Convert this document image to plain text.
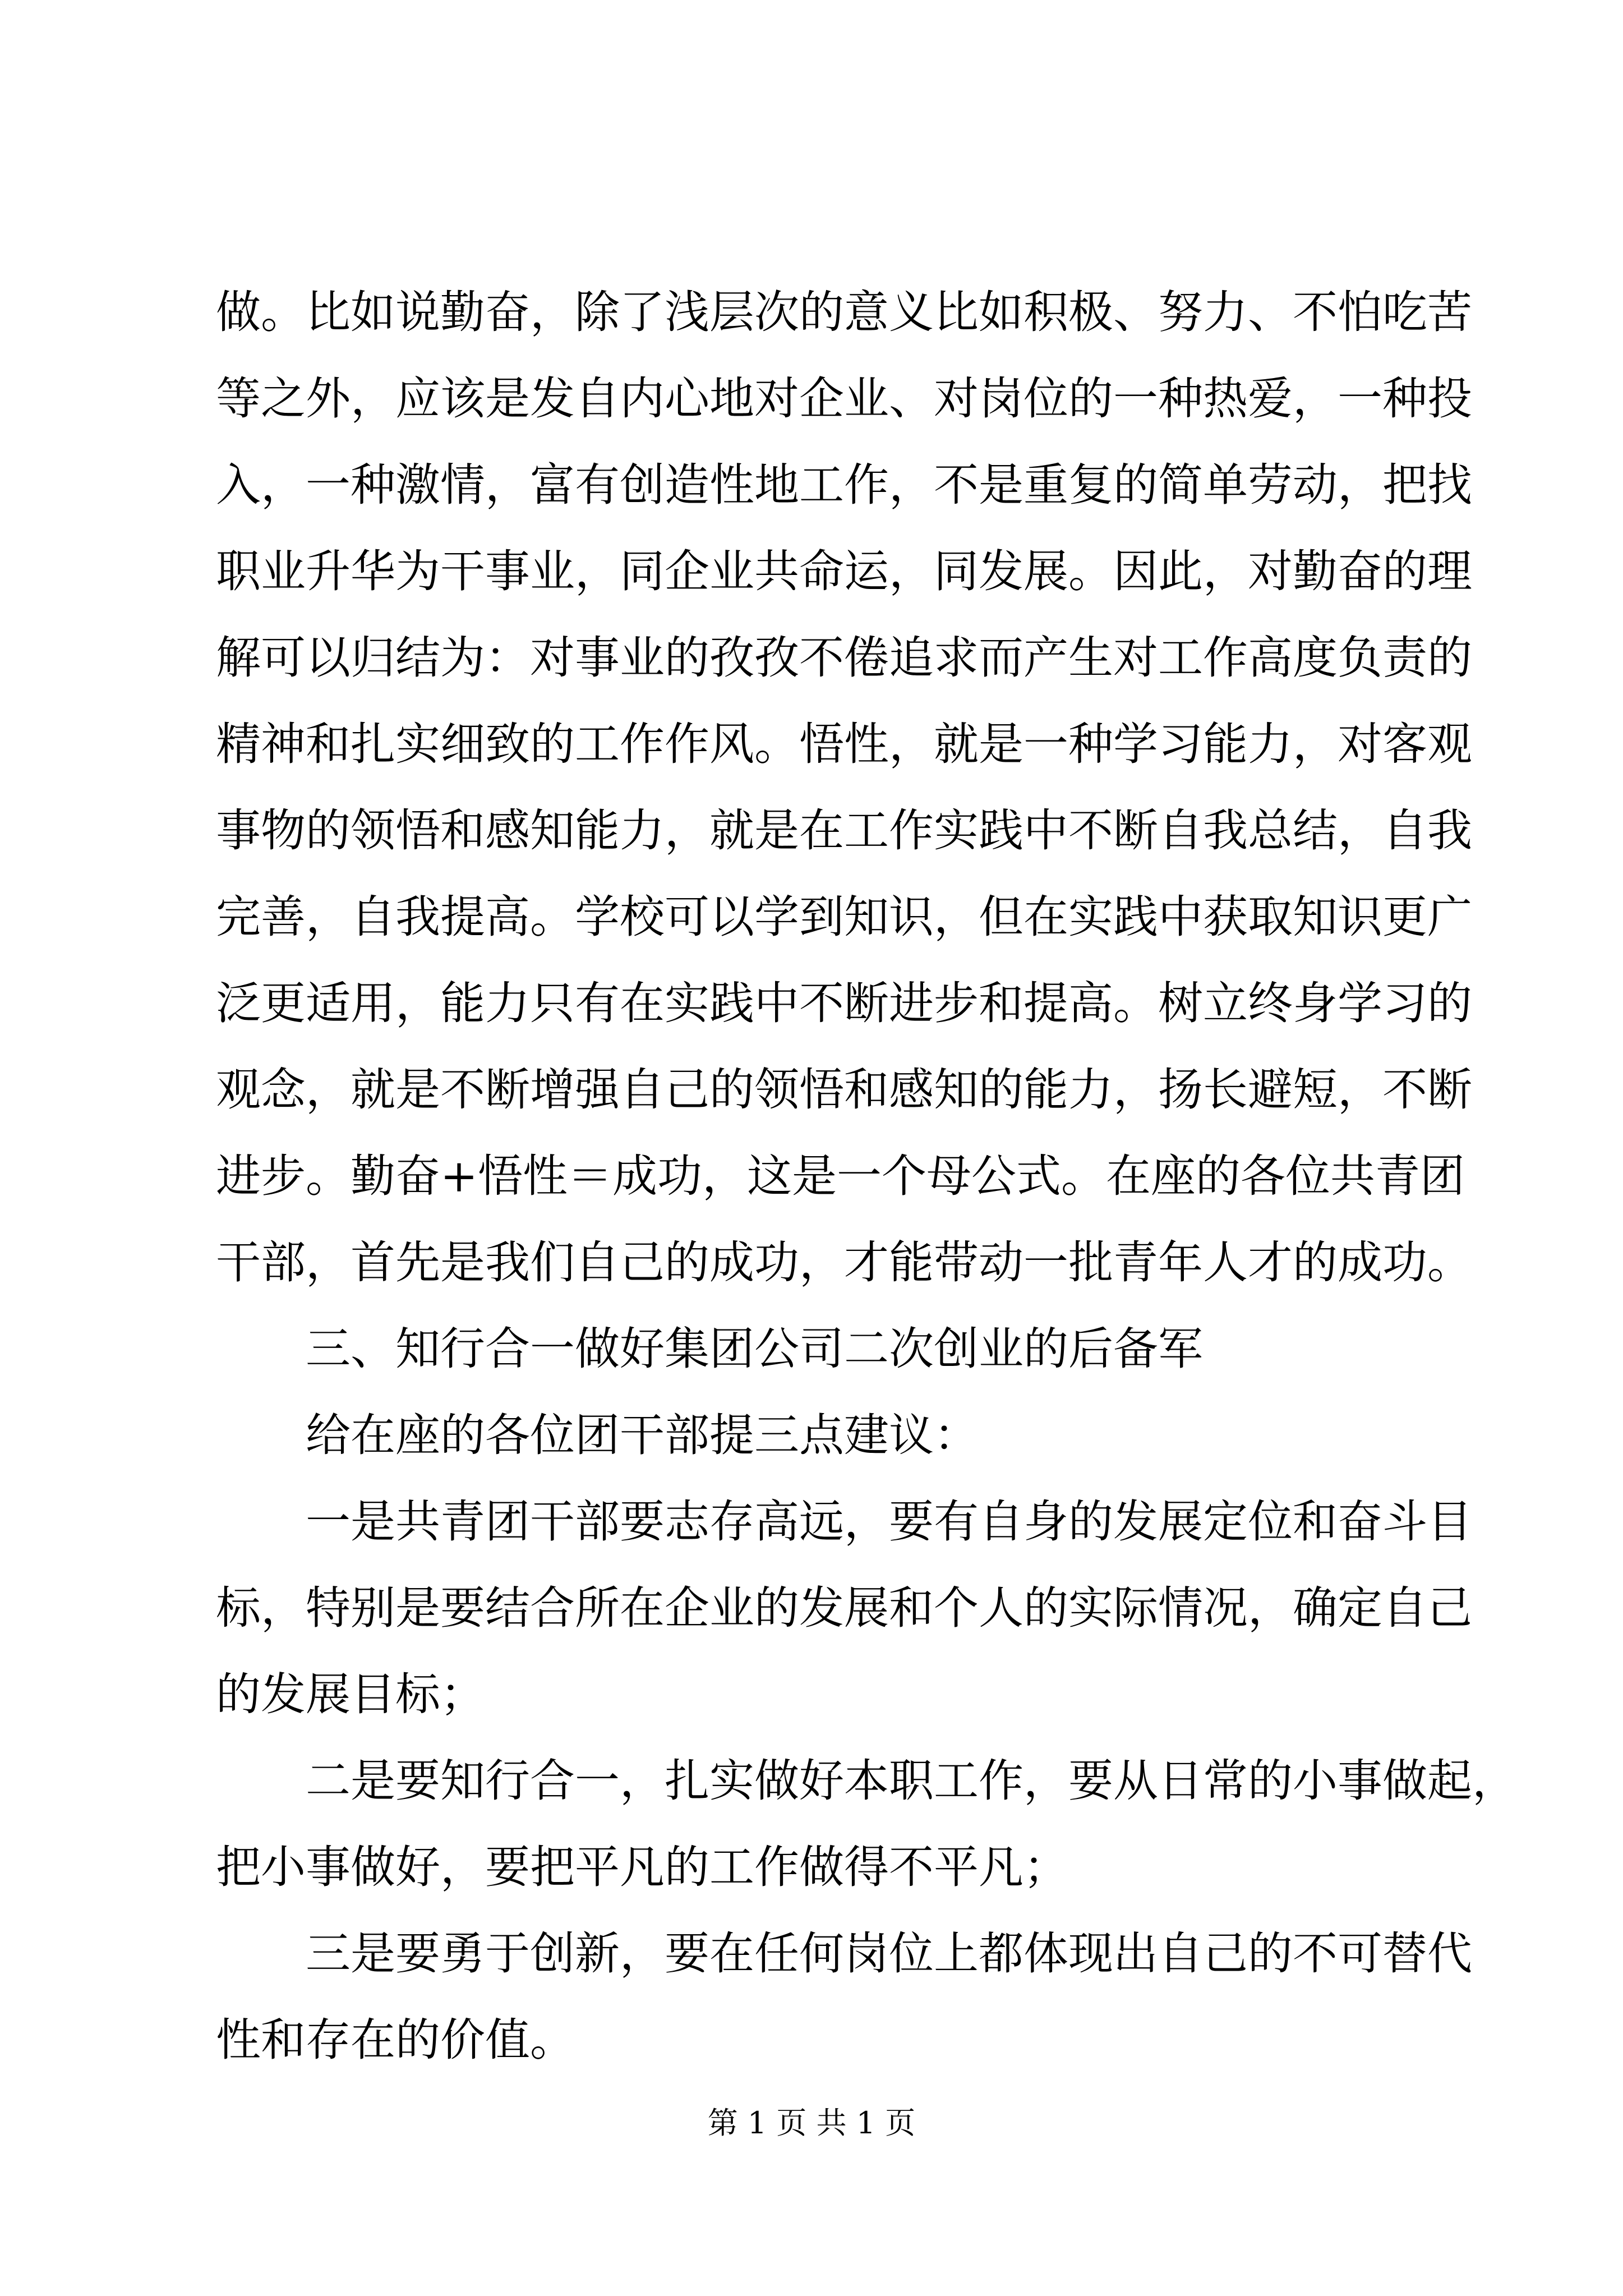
做。比如说勤奋，除了浅层次的意义比如积极、努力、不怕吃苦
等之外，应该是发自内心地对企业、对岗位的一种热爱，一种投
入，一种激情，富有创造性地工作，不是重复的简单劳动，把找
职业升华为干事业，同企业共命运，同发展。因此，对勤奋的理
解可以归结为：对事业的孜孜不倦追求而产生对工作高度负责的
精神和扎实细致的工作作风。悟性，就是一种学习能力，对客观
事物的领悟和感知能力，就是在工作实践中不断自我总结，自我
完善，自我提高。学校可以学到知识，但在实践中获取知识更广
泛更适用，能力只有在实践中不断进步和提高。树立终身学习的
观念，就是不断增强自己的领悟和感知的能力，扬长避短，不断
进步。勤奋+悟性＝成功，这是一个母公式。在座的各位共青团
干部，首先是我们自己的成功，才能带动一批青年人才的成功。
三、知行合一做好集团公司二次创业的后备军
给在座的各位团干部提三点建议：
一是共青团干部要志存高远，要有自身的发展定位和奋斗目
标，特别是要结合所在企业的发展和个人的实际情况，确定自己
的发展目标；
二是要知行合一，扎实做好本职工作，要从日常的小事做起，
把小事做好，要把平凡的工作做得不平凡；
三是要勇于创新，要在任何岗位上都体现出自己的不可替代
性和存在的价值。
第 1 页 共 1 页
